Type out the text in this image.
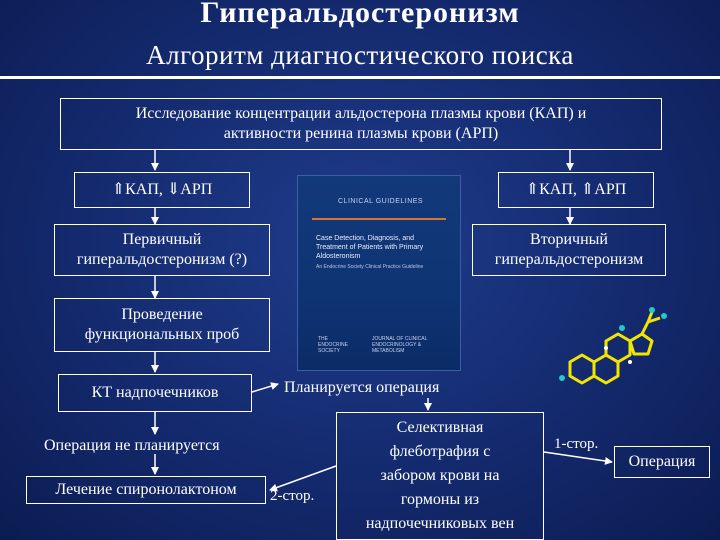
Гиперальдостеронизм
Алгоритм диагностического поиска
Исследование концентрации альдостерона плазмы крови (КАП) и
активности ренина плазмы крови (АРП)
⇑КАП, ⇓АРП
Первичный
гиперальдостеронизм (?)
Проведение
функциональных проб
КТ надпочечников
Операция не планируется
Лечение спиронолактоном
⇑КАП, ⇑АРП
Вторичный
гиперальдостеронизм
Планируется операция
Селективная
флеботрафия с
забором крови на
гормоны из
надпочечниковых вен
2-стор.
1-стор.
Операция
CLINICAL GUIDELINES
Case Detection, Diagnosis, and Treatment of Patients with Primary Aldosteronism
An Endocrine Society Clinical Practice Guideline
THE ENDOCRINE SOCIETY
JOURNAL OF CLINICAL ENDOCRINOLOGY & METABOLISM
